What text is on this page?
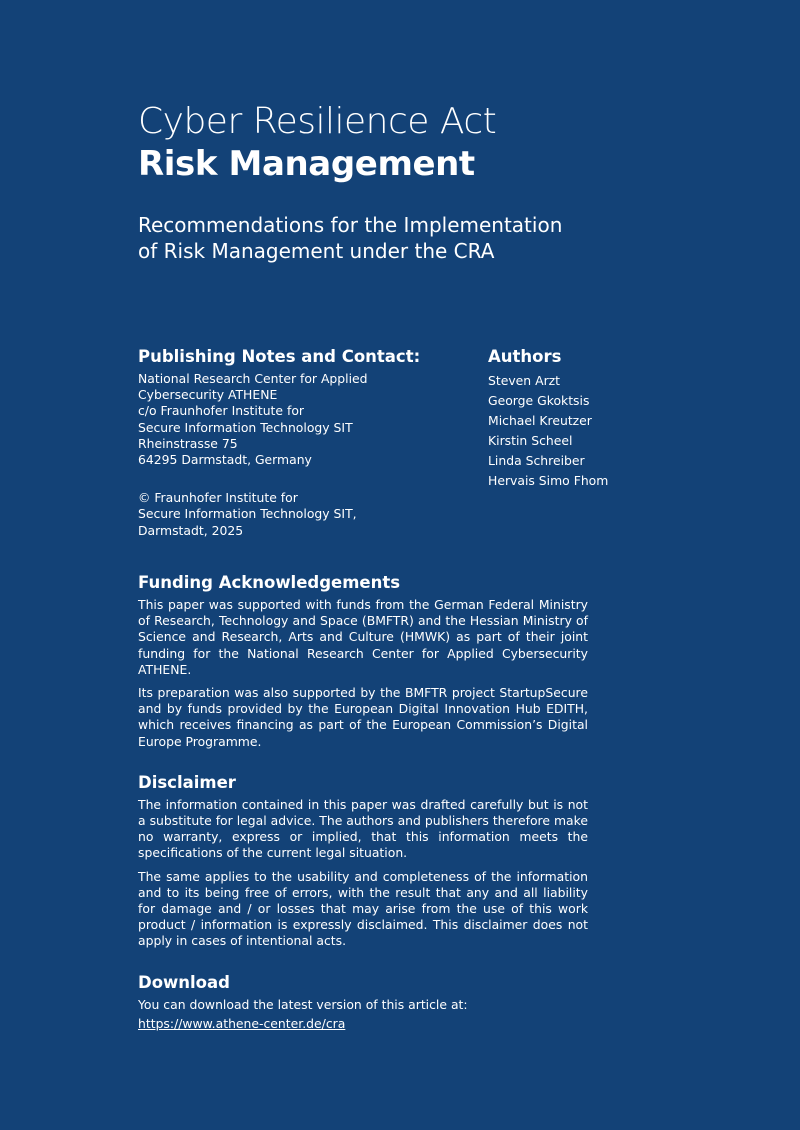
Cyber Resilience Act
Risk Management
Recommendations for the Implementation
of Risk Management under the CRA
Publishing Notes and Contact:
National Research Center for Applied
Cybersecurity ATHENE
c/o Fraunhofer Institute for
Secure Information Technology SIT
Rheinstrasse 75
64295 Darmstadt, Germany
© Fraunhofer Institute for
Secure Information Technology SIT,
Darmstadt, 2025
Authors
Steven Arzt
George Gkoktsis
Michael Kreutzer
Kirstin Scheel
Linda Schreiber
Hervais Simo Fhom
Funding Acknowledgements

This paper was supported with funds from the German Federal Ministry of Research, Technology and Space (BMFTR) and the Hessian Ministry of Science and Research, Arts and Culture (HMWK) as part of their joint funding for the National Research Center for Applied Cybersecurity ATHENE.

Its preparation was also supported by the BMFTR project StartupSecure and by funds provided by the European Digital Innovation Hub EDITH, which receives financing as part of the European Commission’s Digital Europe Programme.

Disclaimer

The information contained in this paper was drafted carefully but is not a substitute for legal advice. The authors and publishers therefore make no warranty, express or implied, that this information meets the specifications of the current legal situation.

The same applies to the usability and completeness of the information and to its being free of errors, with the result that any and all liability for damage and / or losses that may arise from the use of this work product / information is expressly disclaimed. This disclaimer does not apply in cases of intentional acts.

Download

You can download the latest version of this article at:

https://www.athene-center.de/cra
